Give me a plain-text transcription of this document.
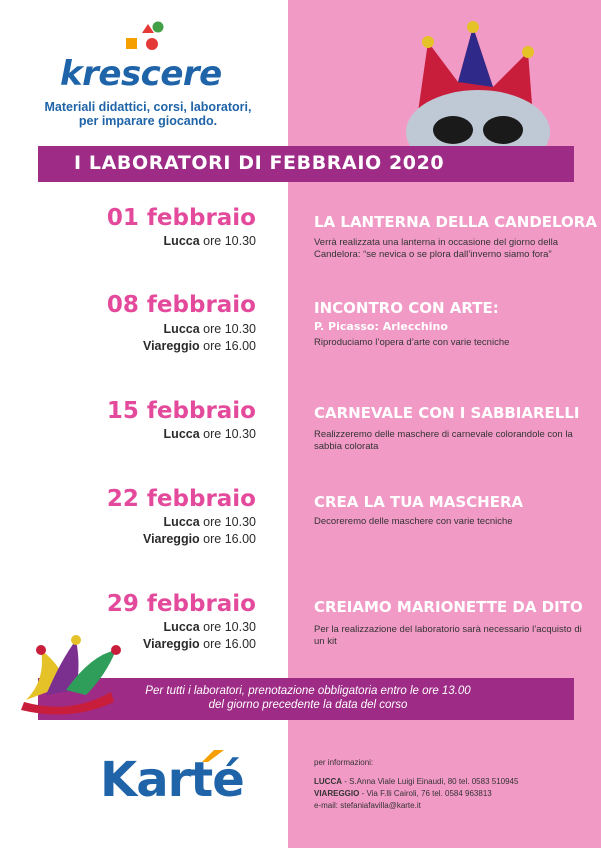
krescere
Materiali didattici, corsi, laboratori,
per imparare giocando.
I LABORATORI DI FEBBRAIO 2020
01 febbraio
Lucca ore 10.30
LA LANTERNA DELLA CANDELORA
Verrà realizzata una lanterna in occasione del giorno della Candelora: “se nevica o se plora dall’inverno siamo fora”
08 febbraio
Lucca ore 10.30
Viareggio ore 16.00
INCONTRO CON ARTE:
P. Picasso: Arlecchino
Riproduciamo l’opera d’arte con varie tecniche
15 febbraio
Lucca ore 10.30
CARNEVALE CON I SABBIARELLI
Realizzeremo delle maschere di carnevale colorandole con la sabbia colorata
22 febbraio
Lucca ore 10.30
Viareggio ore 16.00
CREA LA TUA MASCHERA
Decoreremo delle maschere con varie tecniche
29 febbraio
Lucca ore 10.30
Viareggio ore 16.00
CREIAMO MARIONETTE DA DITO
Per la realizzazione del laboratorio sarà necessario l’acquisto di un kit
Per tutti i laboratori, prenotazione obbligatoria entro le ore 13.00
del giorno precedente la data del corso
Karté	per informazioni:
LUCCA - S.Anna Viale Luigi Einaudi, 80 tel. 0583 510945
VIAREGGIO - Via F.lli Cairoli, 76 tel. 0584 963813
e-mail: stefaniafavilla@karte.it
